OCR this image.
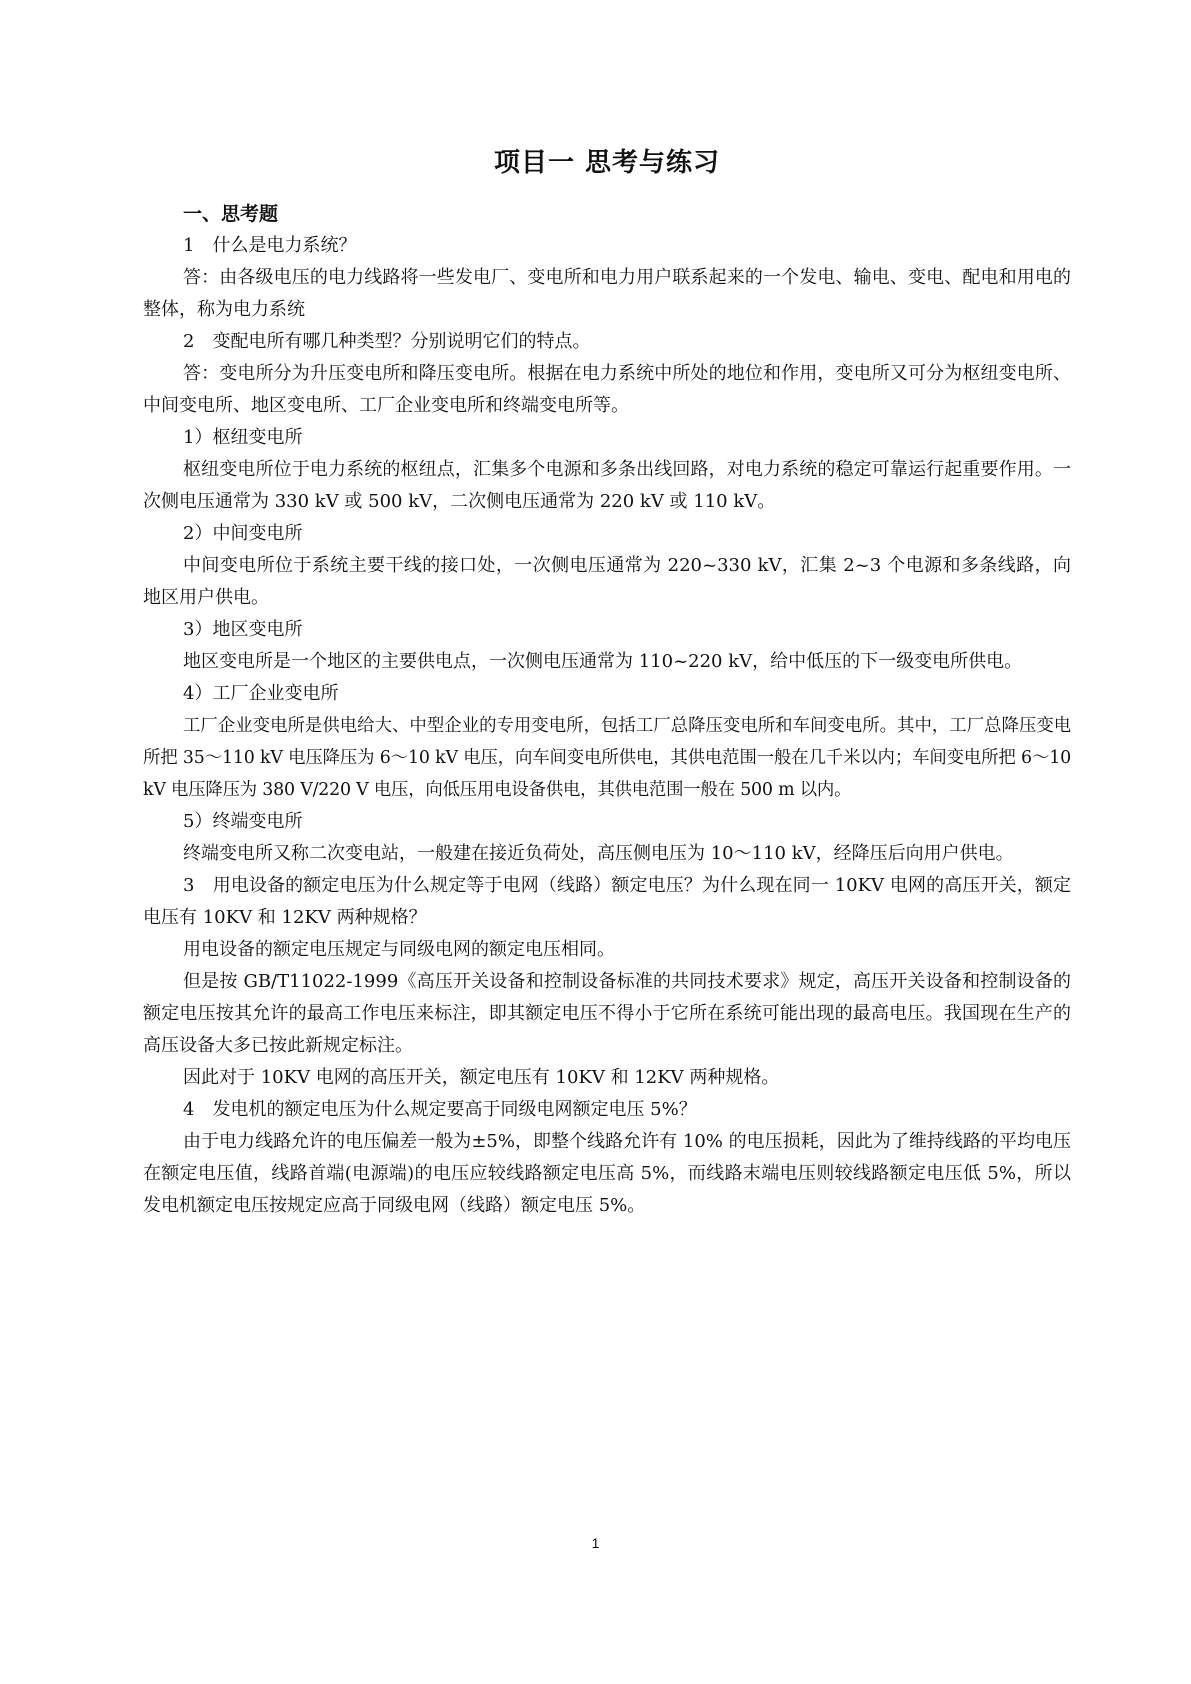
项目一 思考与练习
一、思考题

1　什么是电力系统？

答：由各级电压的电力线路将一些发电厂、变电所和电力用户联系起来的一个发电、输电、变电、配电和用电的整体，称为电力系统

2　变配电所有哪几种类型？分别说明它们的特点。

答：变电所分为升压变电所和降压变电所。根据在电力系统中所处的地位和作用，变电所又可分为枢纽变电所、中间变电所、地区变电所、工厂企业变电所和终端变电所等。

1）枢纽变电所

枢纽变电所位于电力系统的枢纽点，汇集多个电源和多条出线回路，对电力系统的稳定可靠运行起重要作用。一次侧电压通常为 330 kV 或 500 kV，二次侧电压通常为 220 kV 或 110 kV。

2）中间变电所

中间变电所位于系统主要干线的接口处，一次侧电压通常为 220~330 kV，汇集 2~3 个电源和多条线路，向地区用户供电。

3）地区变电所

地区变电所是一个地区的主要供电点，一次侧电压通常为 110~220 kV，给中低压的下一级变电所供电。

4）工厂企业变电所

工厂企业变电所是供电给大、中型企业的专用变电所，包括工厂总降压变电所和车间变电所。其中，工厂总降压变电所把 35～110 kV 电压降压为 6～10 kV 电压，向车间变电所供电，其供电范围一般在几千米以内；车间变电所把 6～10 kV 电压降压为 380 V/220 V 电压，向低压用电设备供电，其供电范围一般在 500 m 以内。

5）终端变电所

终端变电所又称二次变电站，一般建在接近负荷处，高压侧电压为 10～110 kV，经降压后向用户供电。

3　用电设备的额定电压为什么规定等于电网（线路）额定电压？为什么现在同一 10KV 电网的高压开关，额定电压有 10KV 和 12KV 两种规格？

用电设备的额定电压规定与同级电网的额定电压相同。

但是按 GB/T11022-1999《高压开关设备和控制设备标准的共同技术要求》规定，高压开关设备和控制设备的额定电压按其允许的最高工作电压来标注，即其额定电压不得小于它所在系统可能出现的最高电压。我国现在生产的高压设备大多已按此新规定标注。

因此对于 10KV 电网的高压开关，额定电压有 10KV 和 12KV 两种规格。

4　发电机的额定电压为什么规定要高于同级电网额定电压 5%？

由于电力线路允许的电压偏差一般为±5%，即整个线路允许有 10% 的电压损耗，因此为了维持线路的平均电压在额定电压值，线路首端(电源端)的电压应较线路额定电压高 5%，而线路末端电压则较线路额定电压低 5%，所以发电机额定电压按规定应高于同级电网（线路）额定电压 5%。

1
